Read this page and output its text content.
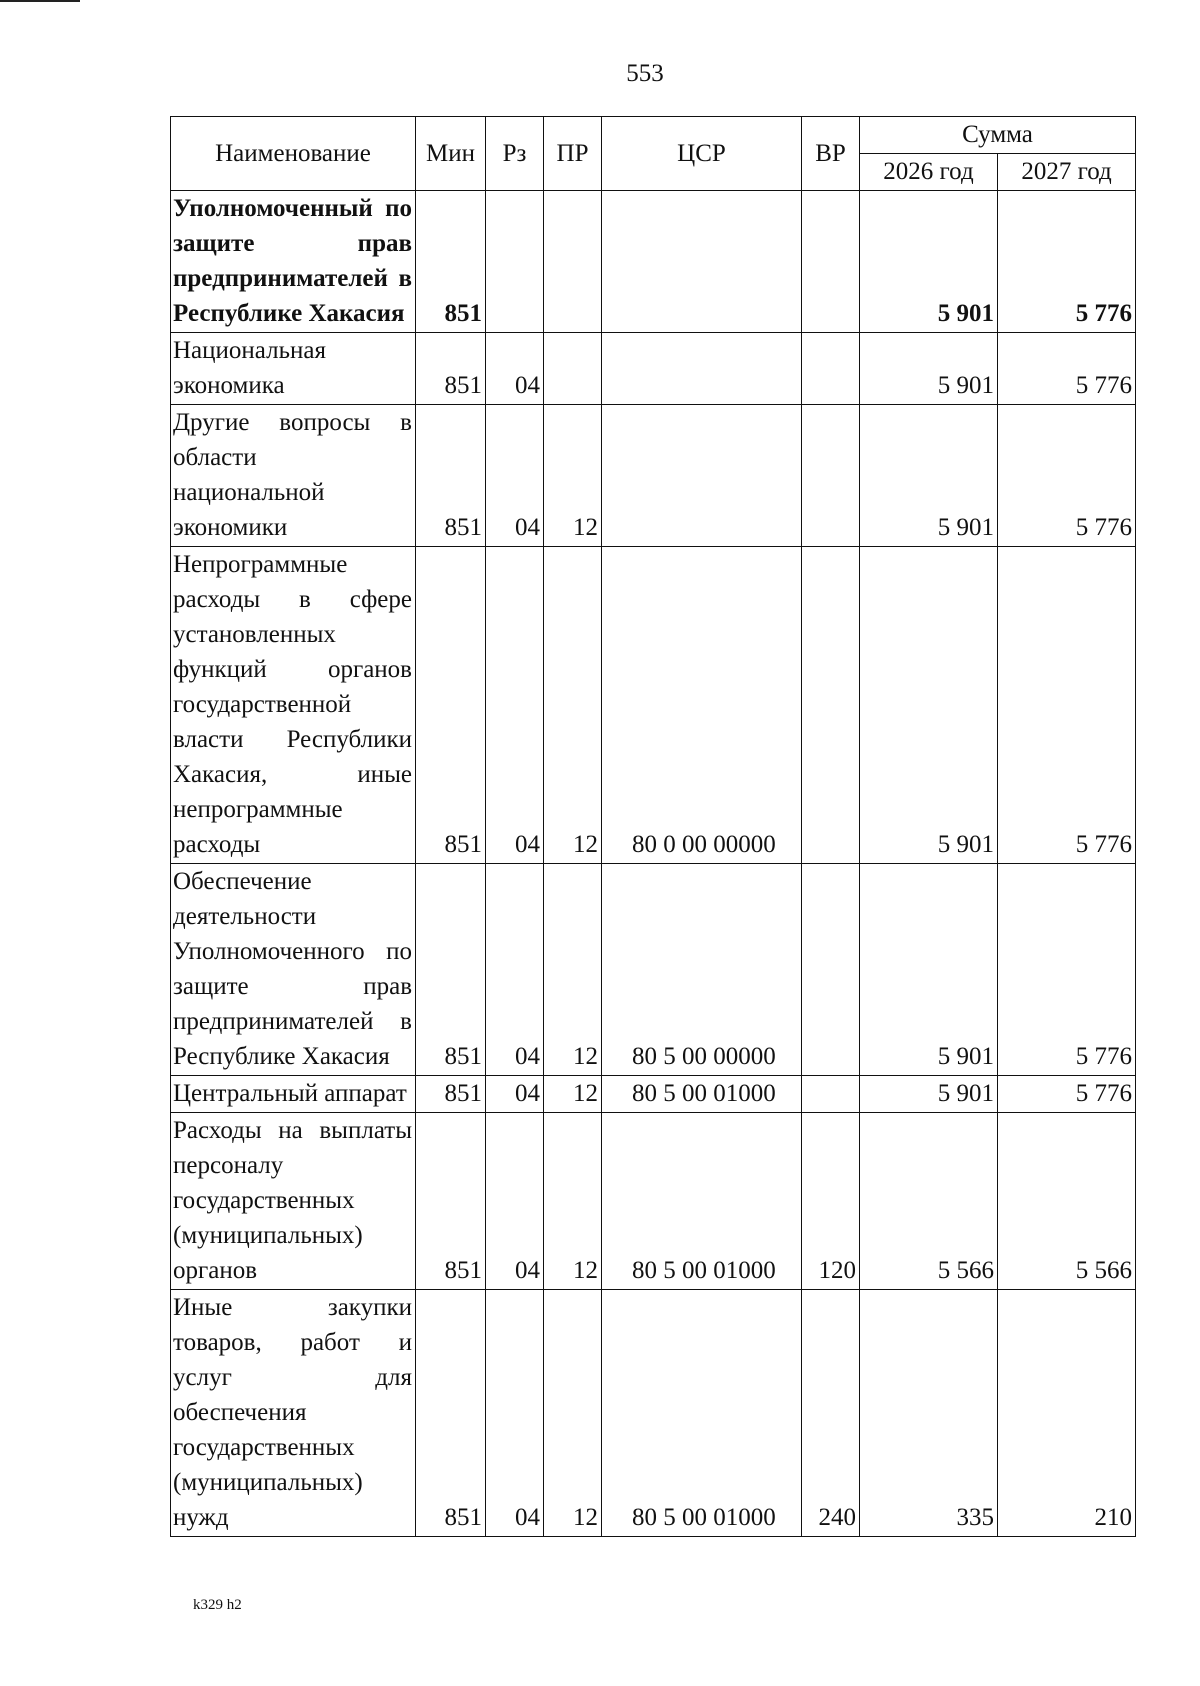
553
Наименование	Мин	Рз	ПР	ЦСР	ВР	Сумма	
						2026 год	2027 год
Уполномоченный по защите прав предпринимателей в Республике Хакасия	851					5 901	5 776
Национальная экономика	851	04				5 901	5 776
Другие вопросы в области национальной экономики	851	04	12			5 901	5 776
Непрограммные расходы в сфере установленных функций органов государственной власти Республики Хакасия, иные непрограммные расходы	851	04	12	80 0 00 00000		5 901	5 776
Обеспечение деятельности Уполномоченного по защите прав предпринимателей в Республике Хакасия	851	04	12	80 5 00 00000		5 901	5 776
Центральный аппарат	851	04	12	80 5 00 01000		5 901	5 776
Расходы на выплаты персоналу государственных (муниципальных) органов	851	04	12	80 5 00 01000	120	5 566	5 566
Иные закупки товаров, работ и услуг для обеспечения государственных (муниципальных) нужд	851	04	12	80 5 00 01000	240	335	210
k329 h2
